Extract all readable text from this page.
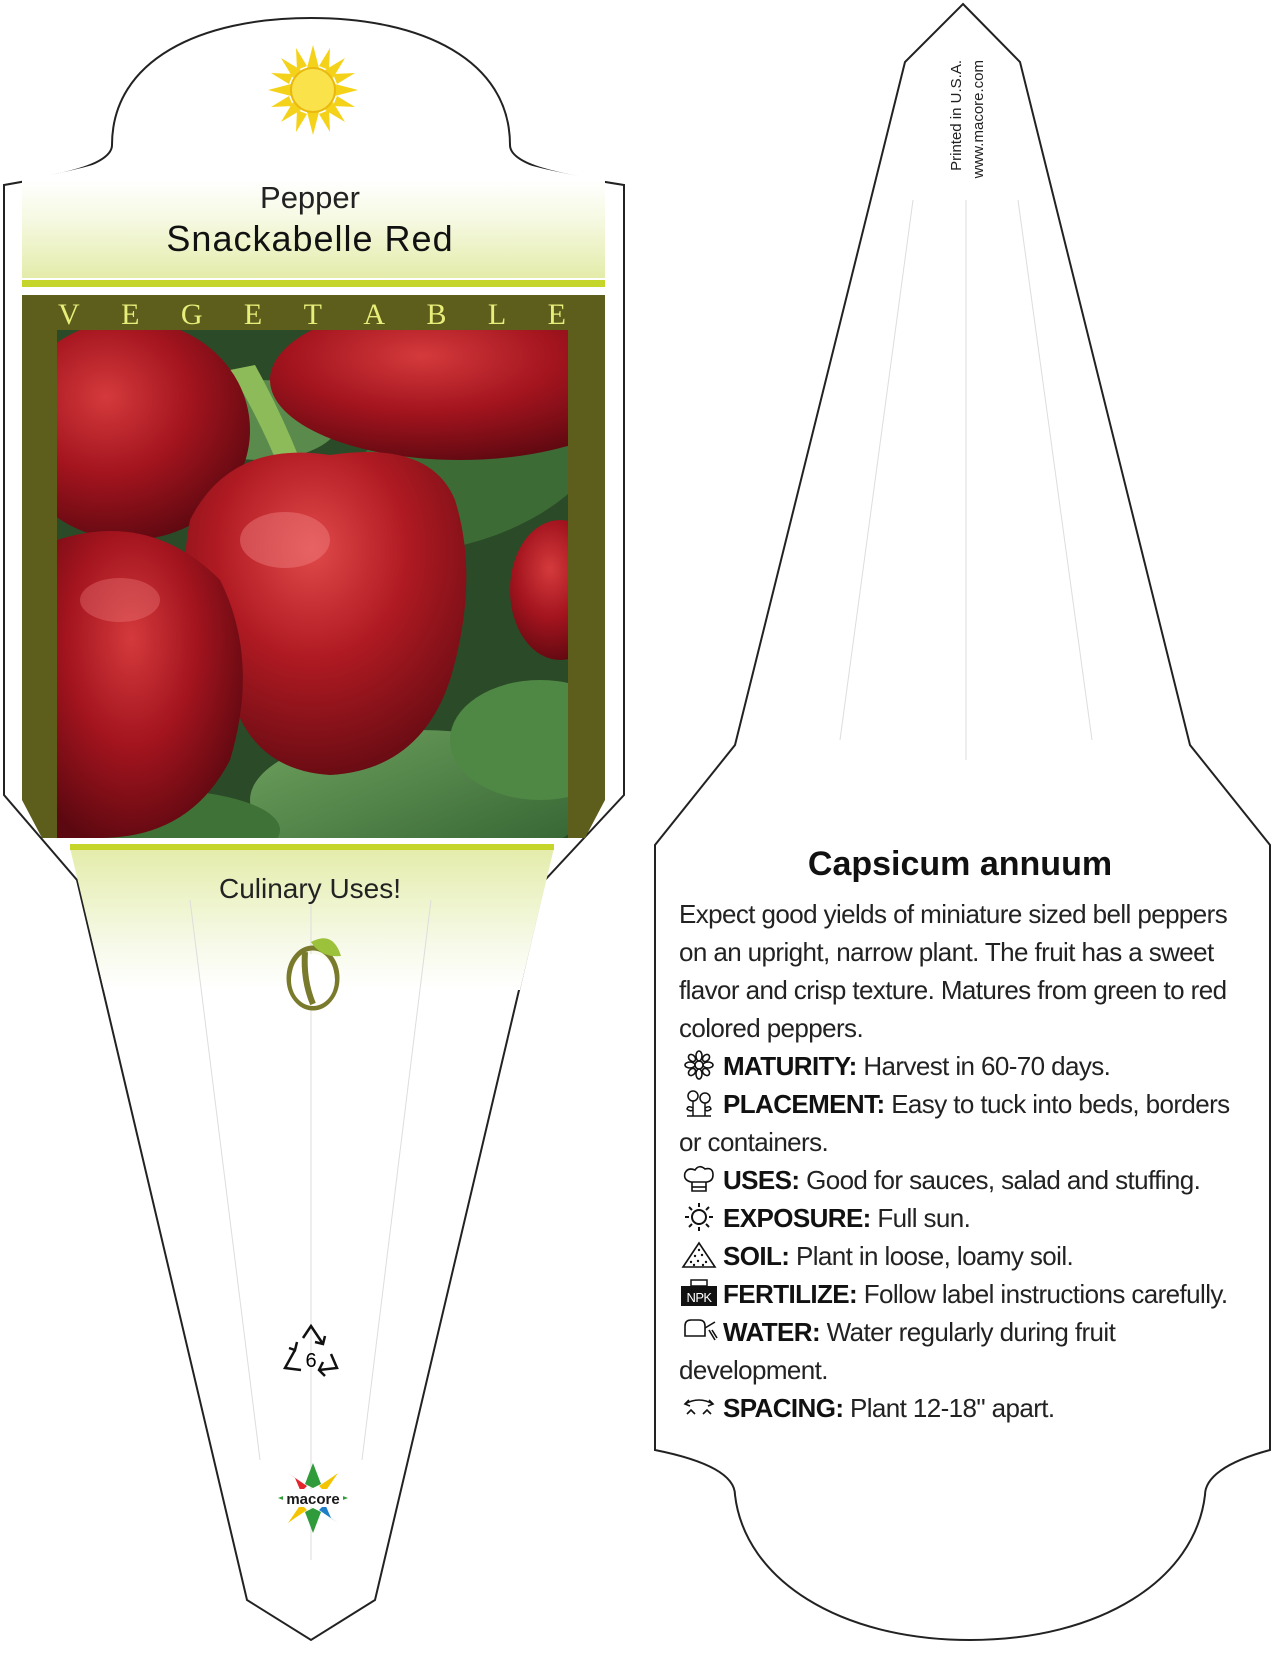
Pepper
Snackabelle Red
V E G E T A B L E
Culinary Uses!
6
macore
Printed in U.S.A. www.macore.com
Capsicum annuum

Expect good yields of miniature sized bell peppers on an upright, narrow plant. The fruit has a sweet flavor and crisp texture. Matures from green to red colored peppers.

MATURITY: Harvest in 60-70 days.

PLACEMENT: Easy to tuck into beds, borders or containers.

USES: Good for sauces, salad and stuffing.

EXPOSURE: Full sun.

SOIL: Plant in loose, loamy soil.

NPK FERTILIZE: Follow label instructions carefully.

WATER: Water regularly during fruit development.

SPACING: Plant 12-18" apart.
